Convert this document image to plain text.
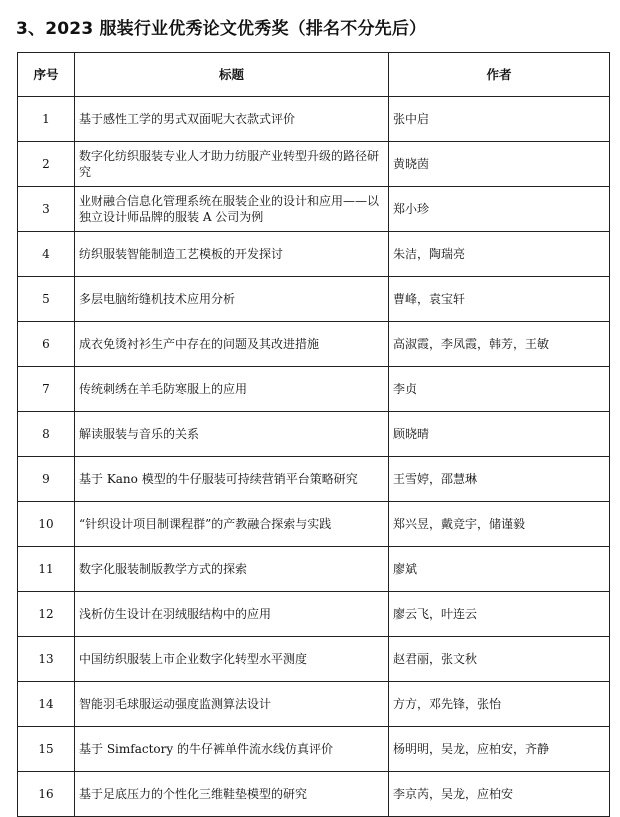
3、2023 服装行业优秀论文优秀奖（排名不分先后）
序号	标题	作者
1	基于感性工学的男式双面呢大衣款式评价	张中启
2	数字化纺织服装专业人才助力纺服产业转型升级的路径研究	黄晓茵
3	业财融合信息化管理系统在服装企业的设计和应用——以独立设计师品牌的服装 A 公司为例	郑小珍
4	纺织服装智能制造工艺模板的开发探讨	朱洁，陶瑞亮
5	多层电脑绗缝机技术应用分析	曹峰，袁宝轩
6	成衣免烫衬衫生产中存在的问题及其改进措施	高淑霞，李凤霞，韩芳，王敏
7	传统刺绣在羊毛防寒服上的应用	李贞
8	解读服装与音乐的关系	顾晓晴
9	基于 Kano 模型的牛仔服装可持续营销平台策略研究	王雪婷，邵慧琳
10	“针织设计项目制课程群”的产教融合探索与实践	郑兴昱，戴竞宇，储谨毅
11	数字化服装制版教学方式的探索	廖斌
12	浅析仿生设计在羽绒服结构中的应用	廖云飞，叶连云
13	中国纺织服装上市企业数字化转型水平测度	赵君丽，张文秋
14	智能羽毛球服运动强度监测算法设计	方方，邓先锋，张怡
15	基于 Simfactory 的牛仔裤单件流水线仿真评价	杨明明，吴龙，应柏安，齐静
16	基于足底压力的个性化三维鞋垫模型的研究	李京芮，吴龙，应柏安
